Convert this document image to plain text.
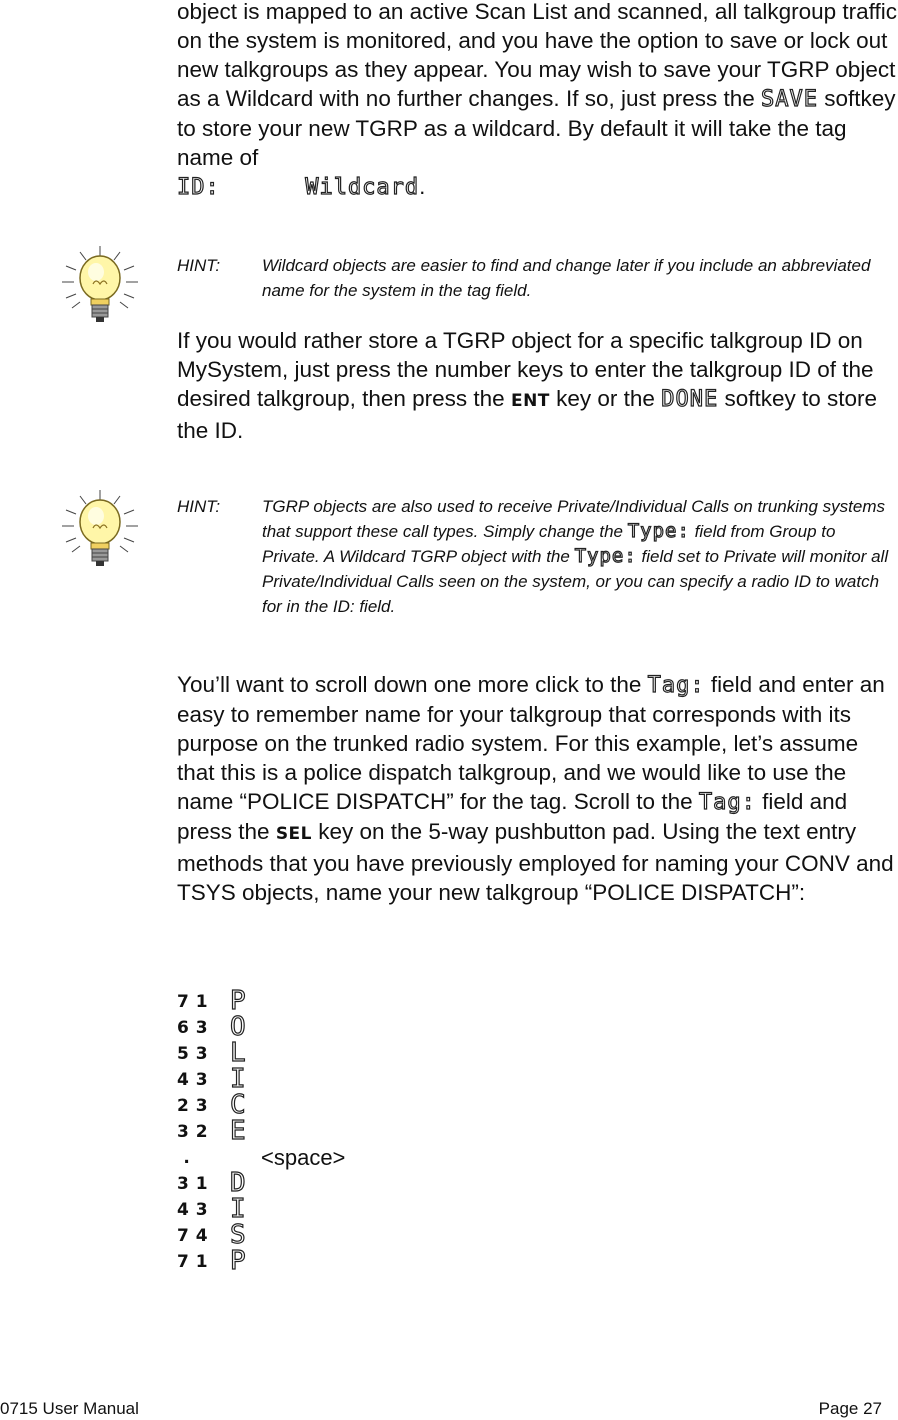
object is mapped to an active Scan List and scanned, all talkgroup traffic on the system is monitored, and you have the option to save or lock out new talkgroups as they appear. You may wish to save your TGRP object as a Wildcard with no further changes. If so, just press the SAVE softkey to store your new TGRP as a wildcard. By default it will take the tag name of
ID:      Wildcard.

HINT: Wildcard objects are easier to find and change later if you include an abbreviated name for the system in the tag field.

If you would rather store a TGRP object for a specific talkgroup ID on MySystem, just press the number keys to enter the talkgroup ID of the desired talkgroup, then press the ENT key or the DONE softkey to store the ID.

HINT: TGRP objects are also used to receive Private/Individual Calls on trunking systems that support these call types. Simply change the Type: field from Group to Private. A Wildcard TGRP object with the Type: field set to Private will monitor all Private/Individual Calls seen on the system, or you can specify a radio ID to watch for in the ID: field.

You’ll want to scroll down one more click to the Tag: field and enter an easy to remember name for your talkgroup that corresponds with its purpose on the trunked radio system. For this example, let’s assume that this is a police dispatch talkgroup, and we would like to use the name “POLICE DISPATCH” for the tag. Scroll to the Tag: field and press the SEL key on the 5-way pushbutton pad. Using the text entry methods that you have previously employed for naming your CONV and TSYS objects, name your new talkgroup “POLICE DISPATCH”:

7 1 P
6 3 O
5 3 L
4 3 I
2 3 C
3 2 E
.	<space>
3 1 D
4 3 I
7 4 S
7 1 P
0715 User Manual	Page 27
